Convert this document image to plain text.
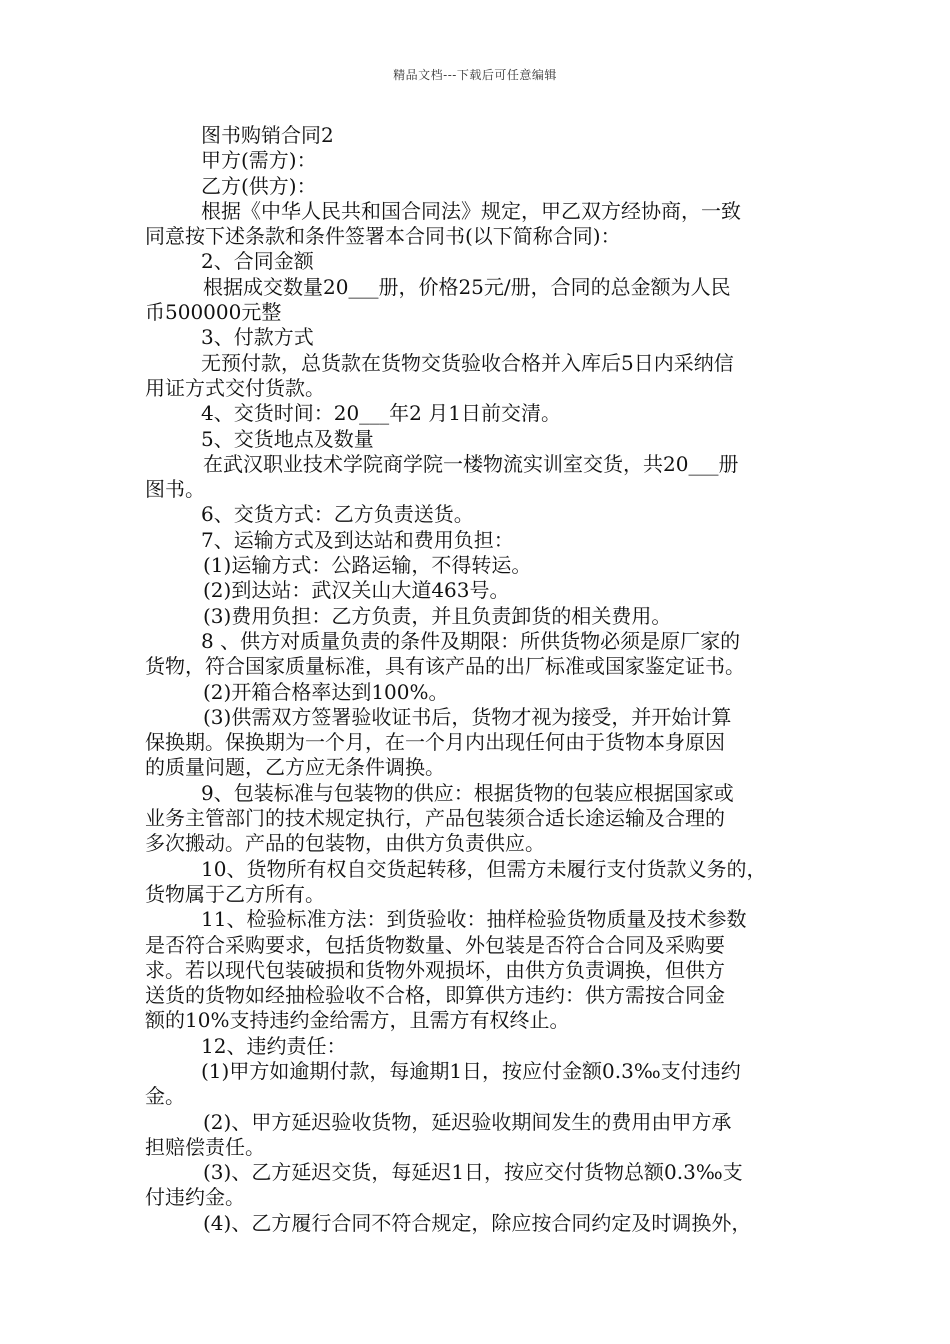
精品文档---下载后可任意编辑
图书购销合同2
甲方(需方)：
乙方(供方)：
根据《中华人民共和国合同法》规定，甲乙双方经协商，一致
同意按下述条款和条件签署本合同书(以下简称合同)：
2、合同金额
根据成交数量20___册，价格25元/册，合同的总金额为人民
币500000元整
3、付款方式
无预付款，总货款在货物交货验收合格并入库后5日内采纳信
用证方式交付货款。
4、交货时间：20___年2 月1日前交清。
5、交货地点及数量
在武汉职业技术学院商学院一楼物流实训室交货，共20___册
图书。
6、交货方式：乙方负责送货。
7、运输方式及到达站和费用负担：
(1)运输方式：公路运输，不得转运。
(2)到达站：武汉关山大道463号。
(3)费用负担：乙方负责，并且负责卸货的相关费用。
8 、供方对质量负责的条件及期限：所供货物必须是原厂家的
货物，符合国家质量标准，具有该产品的出厂标准或国家鉴定证书。
(2)开箱合格率达到100%。
(3)供需双方签署验收证书后，货物才视为接受，并开始计算
保换期。保换期为一个月，在一个月内出现任何由于货物本身原因
的质量问题，乙方应无条件调换。
9、包装标准与包装物的供应：根据货物的包装应根据国家或
业务主管部门的技术规定执行，产品包装须合适长途运输及合理的
多次搬动。产品的包装物，由供方负责供应。
10、货物所有权自交货起转移，但需方未履行支付货款义务的，
货物属于乙方所有。
11、检验标准方法：到货验收：抽样检验货物质量及技术参数
是否符合采购要求，包括货物数量、外包装是否符合合同及采购要
求。若以现代包装破损和货物外观损坏，由供方负责调换，但供方
送货的货物如经抽检验收不合格，即算供方违约：供方需按合同金
额的10%支持违约金给需方，且需方有权终止。
12、违约责任：
(1)甲方如逾期付款，每逾期1日，按应付金额0.3‰支付违约
金。
(2)、甲方延迟验收货物，延迟验收期间发生的费用由甲方承
担赔偿责任。
(3)、乙方延迟交货，每延迟1日，按应交付货物总额0.3‰支
付违约金。
(4)、乙方履行合同不符合规定，除应按合同约定及时调换外，
